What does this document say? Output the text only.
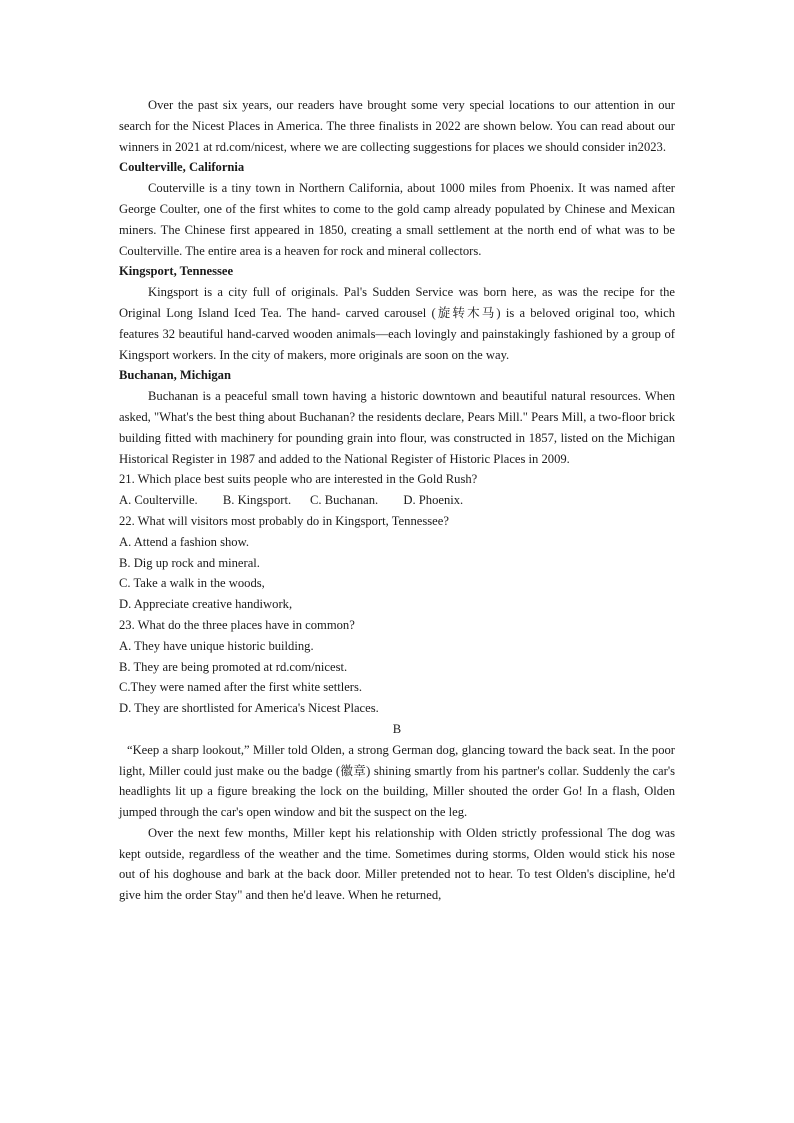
Over the past six years, our readers have brought some very special locations to our attention in our search for the Nicest Places in America. The three finalists in 2022 are shown below. You can read about our winners in 2021 at rd.com/nicest, where we are collecting suggestions for places we should consider in2023.

Coulterville, California

Couterville is a tiny town in Northern California, about 1000 miles from Phoenix. It was named after George Coulter, one of the first whites to come to the gold camp already populated by Chinese and Mexican miners. The Chinese first appeared in 1850, creating a small settlement at the north end of what was to be Coulterville. The entire area is a heaven for rock and mineral collectors.

Kingsport, Tennessee

Kingsport is a city full of originals. Pal's Sudden Service was born here, as was the recipe for the Original Long Island Iced Tea. The hand- carved carousel (旋转木马) is a beloved original too, which features 32 beautiful hand-carved wooden animals—each lovingly and painstakingly fashioned by a group of Kingsport workers. In the city of makers, more originals are soon on the way.

Buchanan, Michigan

Buchanan is a peaceful small town having a historic downtown and beautiful natural resources. When asked, "What's the best thing about Buchanan? the residents declare, Pears Mill." Pears Mill, a two-floor brick building fitted with machinery for pounding grain into flour, was constructed in 1857, listed on the Michigan Historical Register in 1987 and added to the National Register of Historic Places in 2009.

21. Which place best suits people who are interested in the Gold Rush?

A. Coulterville.        B. Kingsport.      C. Buchanan.        D. Phoenix.

22. What will visitors most probably do in Kingsport, Tennessee?

A. Attend a fashion show.

B. Dig up rock and mineral.

C. Take a walk in the woods,

D. Appreciate creative handiwork,

23. What do the three places have in common?

A. They have unique historic building.

B. They are being promoted at rd.com/nicest.

C.They were named after the first white settlers.

D. They are shortlisted for America's Nicest Places.

B

“Keep a sharp lookout,” Miller told Olden, a strong German dog, glancing toward the back seat. In the poor light, Miller could just make ou the badge (徽章) shining smartly from his partner's collar. Suddenly the car's headlights lit up a figure breaking the lock on the building, Miller shouted the order Go! In a flash, Olden jumped through the car's open window and bit the suspect on the leg.

Over the next few months, Miller kept his relationship with Olden strictly professional The dog was kept outside, regardless of the weather and the time. Sometimes during storms, Olden would stick his nose out of his doghouse and bark at the back door. Miller pretended not to hear. To test Olden's discipline, he'd give him the order Stay" and then he'd leave. When he returned,
